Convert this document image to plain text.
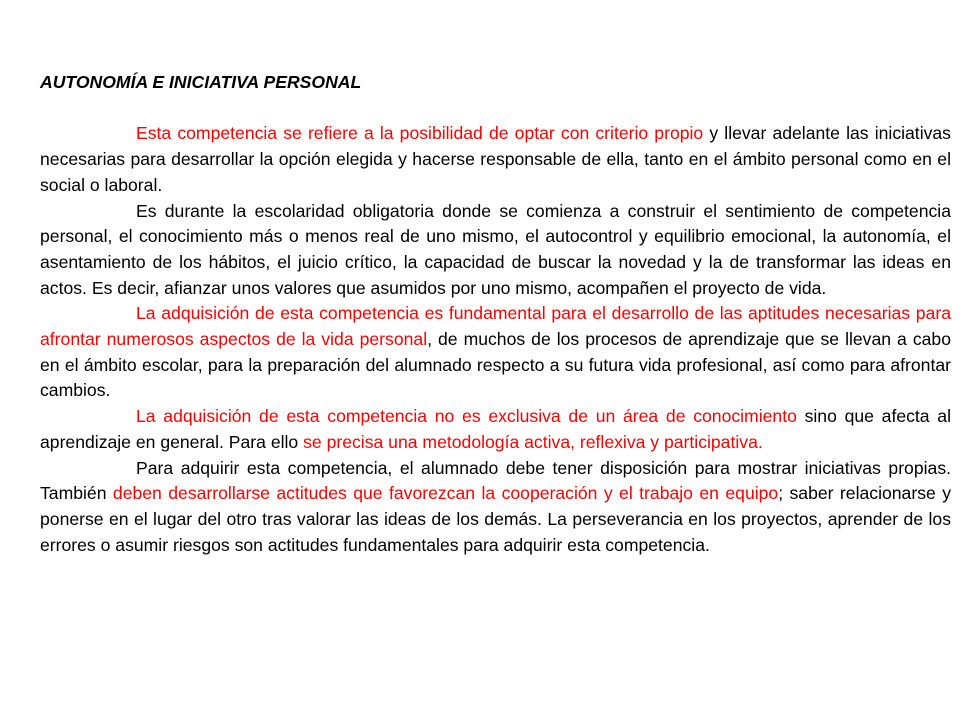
AUTONOMÍA E INICIATIVA PERSONAL

Esta competencia se refiere a la posibilidad de optar con criterio propio y llevar adelante las iniciativas necesarias para desarrollar la opción elegida y hacerse responsable de ella, tanto en el ámbito personal como en el social o laboral.

Es durante la escolaridad obligatoria donde se comienza a construir el sentimiento de competencia personal, el conocimiento más o menos real de uno mismo, el autocontrol y equilibrio emocional, la autonomía, el asentamiento de los hábitos, el juicio crítico, la capacidad de buscar la novedad y la de transformar las ideas en actos. Es decir, afianzar unos valores que asumidos por uno mismo, acompañen el proyecto de vida.

La adquisición de esta competencia es fundamental para el desarrollo de las aptitudes necesarias para afrontar numerosos aspectos de la vida personal, de muchos de los procesos de aprendizaje que se llevan a cabo en el ámbito escolar, para la preparación del alumnado respecto a su futura vida profesional, así como para afrontar cambios.

La adquisición de esta competencia no es exclusiva de un área de conocimiento sino que afecta al aprendizaje en general. Para ello se precisa una metodología activa, reflexiva y participativa.

Para adquirir esta competencia, el alumnado debe tener disposición para mostrar iniciativas propias. También deben desarrollarse actitudes que favorezcan la cooperación y el trabajo en equipo; saber relacionarse y ponerse en el lugar del otro tras valorar las ideas de los demás. La perseverancia en los proyectos, aprender de los errores o asumir riesgos son actitudes fundamentales para adquirir esta competencia.
